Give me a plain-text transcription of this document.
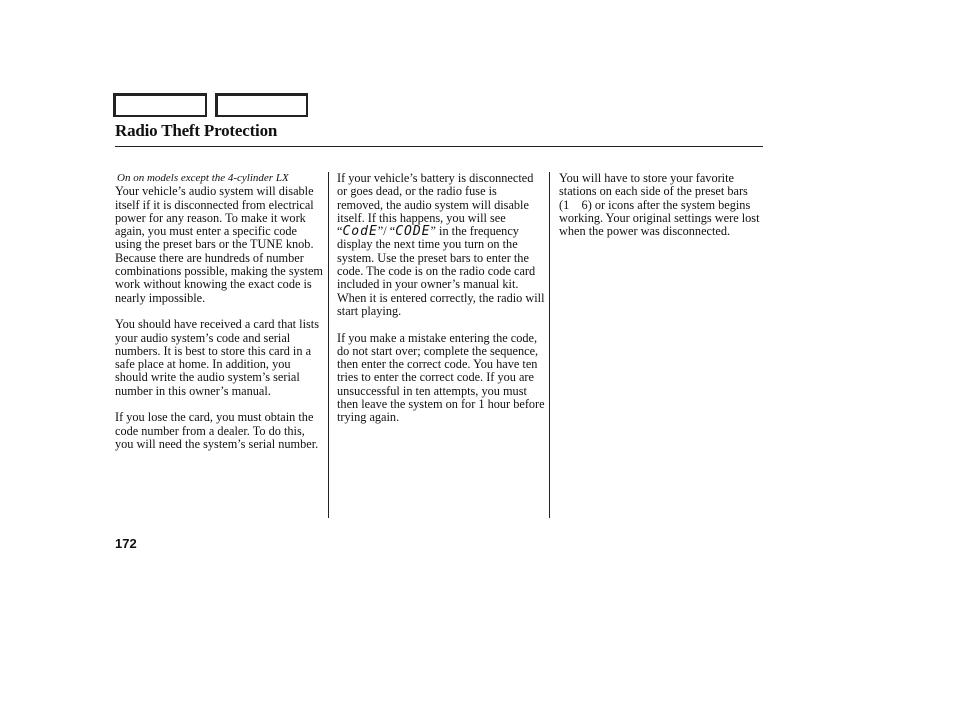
Radio Theft Protection
On on models except the 4-cylinder LX

Your vehicle’s audio system will disable itself if it is disconnected from electrical power for any reason. To make it work again, you must enter a specific code using the preset bars or the TUNE knob. Because there are hundreds of number combinations possible, making the system work without knowing the exact code is nearly impossible.

You should have received a card that lists your audio system’s code and serial numbers. It is best to store this card in a safe place at home. In addition, you should write the audio system’s serial number in this owner’s manual.

If you lose the card, you must obtain the code number from a dealer. To do this, you will need the system’s serial number.

If your vehicle’s battery is disconnected or goes dead, or the radio fuse is removed, the audio system will disable itself. If this happens, you will see “CodE”/ “CODE” in the frequency display the next time you turn on the system. Use the preset bars to enter the code. The code is on the radio code card included in your owner’s manual kit. When it is entered correctly, the radio will start playing.

If you make a mistake entering the code, do not start over; complete the sequence, then enter the correct code. You have ten tries to enter the correct code. If you are unsuccessful in ten attempts, you must then leave the system on for 1 hour before trying again.

You will have to store your favorite stations on each side of the preset bars (1    6) or icons after the system begins working. Your original settings were lost when the power was disconnected.

172
